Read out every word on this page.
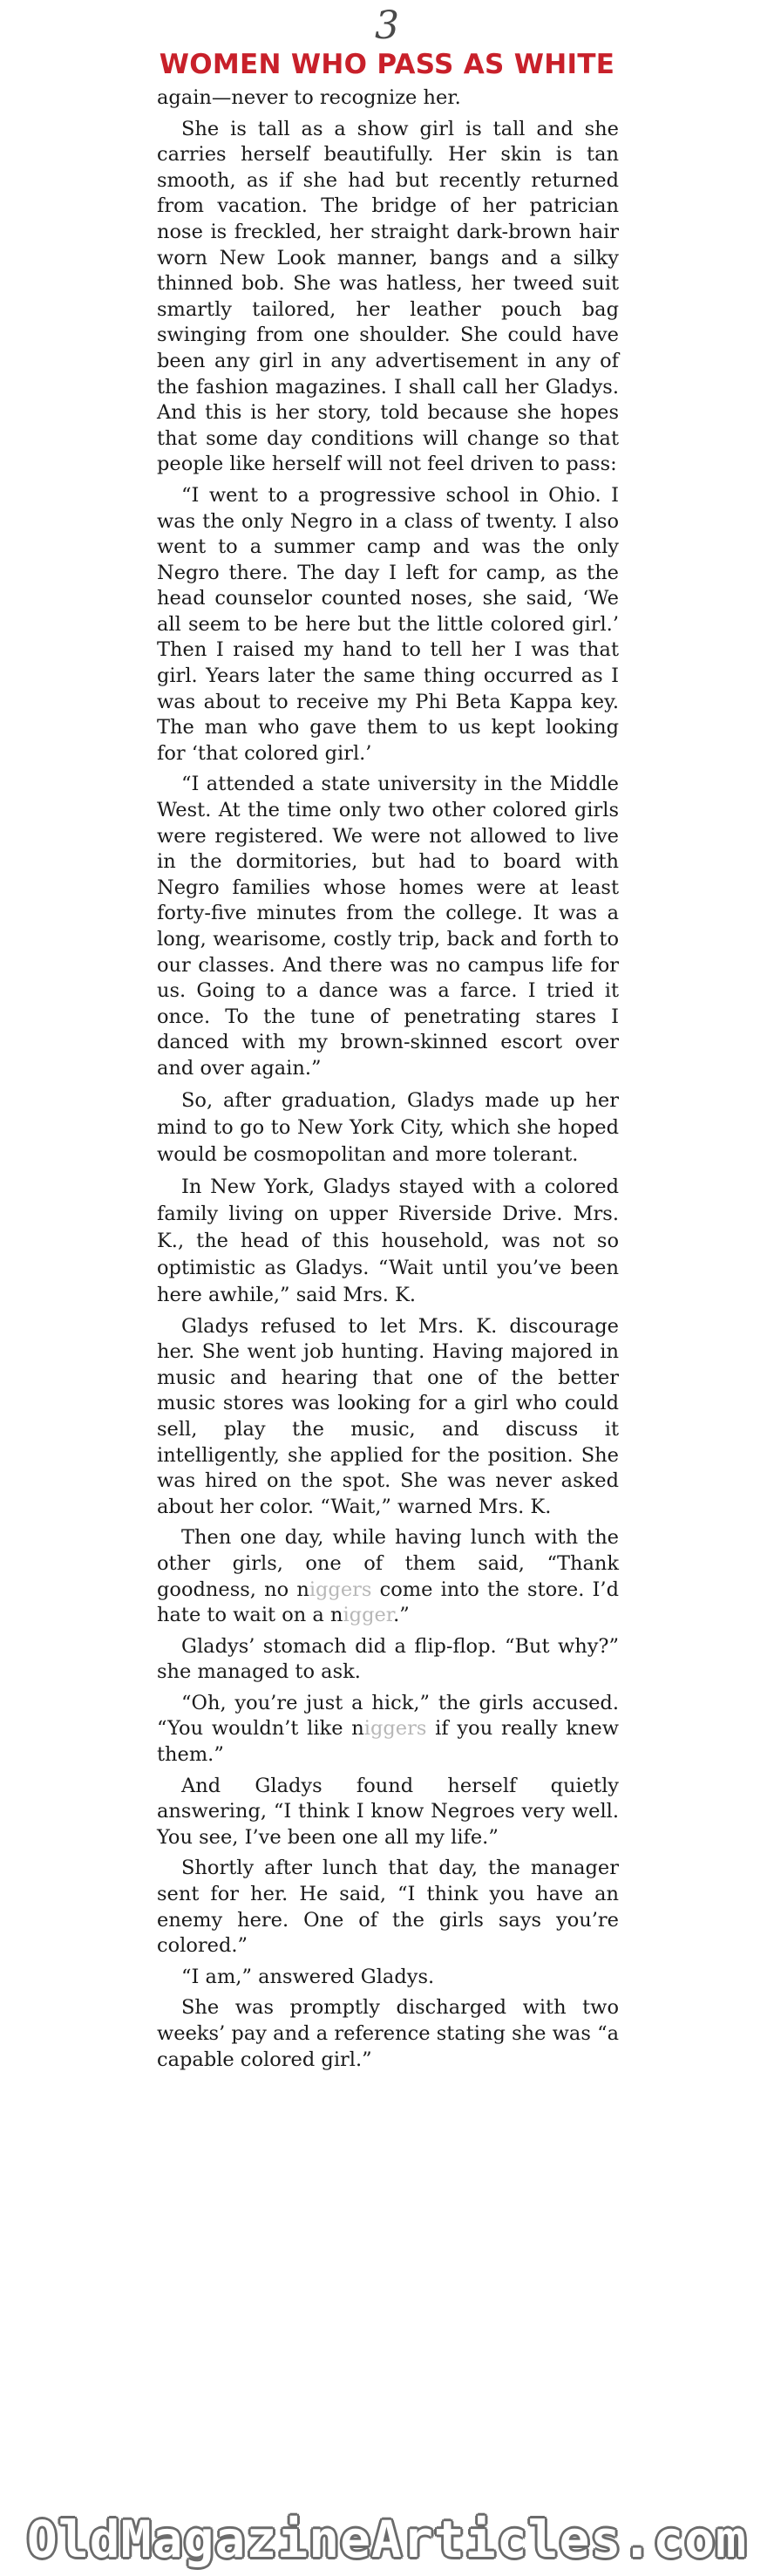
3
WOMEN WHO PASS AS WHITE

again—never to recognize her.

She is tall as a show girl is tall and she carries herself beautifully. Her skin is tan smooth, as if she had but recently returned from vacation. The bridge of her patrician nose is freckled, her straight dark-brown hair worn New Look manner, bangs and a silky thinned bob. She was hatless, her tweed suit smartly tailored, her leather pouch bag swinging from one shoulder. She could have been any girl in any advertisement in any of the fashion magazines. I shall call her Gladys. And this is her story, told because she hopes that some day conditions will change so that people like herself will not feel driven to pass:

“I went to a progressive school in Ohio. I was the only Negro in a class of twenty. I also went to a summer camp and was the only Negro there. The day I left for camp, as the head counselor counted noses, she said, ‘We all seem to be here but the little colored girl.’ Then I raised my hand to tell her I was that girl. Years later the same thing occurred as I was about to receive my Phi Beta Kappa key. The man who gave them to us kept looking for ‘that colored girl.’

“I attended a state university in the Middle West. At the time only two other colored girls were registered. We were not allowed to live in the dormitories, but had to board with Negro families whose homes were at least forty-five minutes from the college. It was a long, wearisome, costly trip, back and forth to our classes. And there was no campus life for us. Going to a dance was a farce. I tried it once. To the tune of penetrating stares I danced with my brown-skinned escort over and over again.”

So, after graduation, Gladys made up her mind to go to New York City, which she hoped would be cosmopolitan and more tolerant.

In New York, Gladys stayed with a colored family living on upper Riverside Drive. Mrs. K., the head of this household, was not so optimistic as Gladys. “Wait until you’ve been here awhile,” said Mrs. K.

Gladys refused to let Mrs. K. discourage her. She went job hunting. Having majored in music and hearing that one of the better music stores was looking for a girl who could sell, play the music, and discuss it intelligently, she applied for the position. She was hired on the spot. She was never asked about her color. “Wait,” warned Mrs. K.

Then one day, while having lunch with the other girls, one of them said, “Thank goodness, no niggers come into the store. I’d hate to wait on a nigger.”

Gladys’ stomach did a flip-flop. “But why?” she managed to ask.

“Oh, you’re just a hick,” the girls accused. “You wouldn’t like niggers if you really knew them.”

And Gladys found herself quietly answering, “I think I know Negroes very well. You see, I’ve been one all my life.”

Shortly after lunch that day, the manager sent for her. He said, “I think you have an enemy here. One of the girls says you’re colored.”

“I am,” answered Gladys.

She was promptly discharged with two weeks’ pay and a reference stating she was “a capable colored girl.”

OldMagazineArticles.com
